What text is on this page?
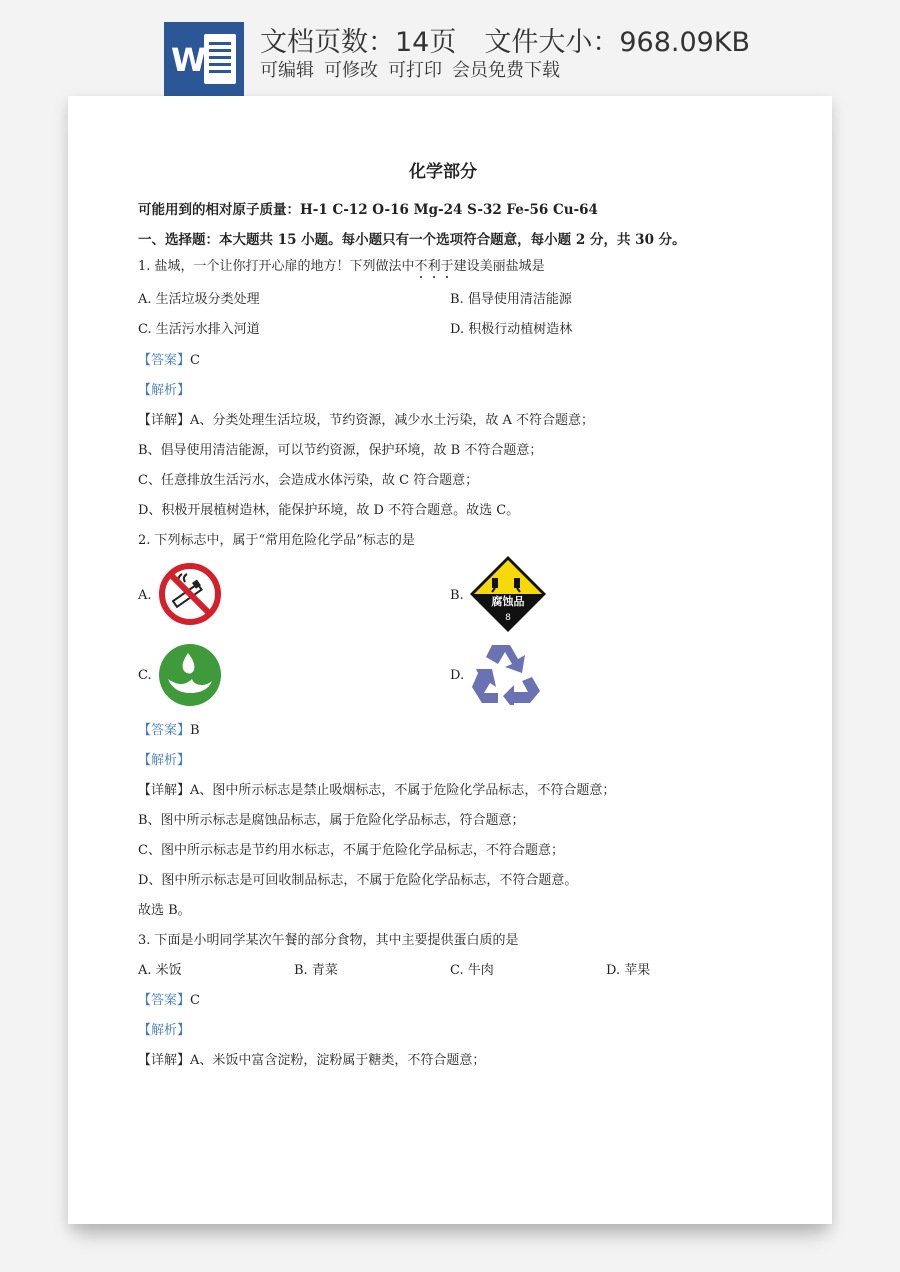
W 文档页数：14页 文件大小：968.09KB
可编辑 可修改 可打印 会员免费下载
化学部分
可能用到的相对原子质量：H-1 C-12 O-16 Mg-24 S-32 Fe-56 Cu-64
一、选择题：本大题共 15 小题。每小题只有一个选项符合题意，每小题 2 分，共 30 分。
1. 盐城，一个让你打开心扉的地方！下列做法中不利于建设美丽盐城是
A. 生活垃圾分类处理	B. 倡导使用清洁能源
C. 生活污水排入河道	D. 积极行动植树造林
【答案】C
【解析】
【详解】A、分类处理生活垃圾，节约资源，减少水土污染，故 A 不符合题意；
B、倡导使用清洁能源，可以节约资源，保护环境，故 B 不符合题意；
C、任意排放生活污水，会造成水体污染，故 C 符合题意；
D、积极开展植树造林，能保护环境，故 D 不符合题意。故选 C。
2. 下列标志中，属于“常用危险化学品”标志的是
A.	B.	腐蚀品
8
C.	D.
【答案】B
【解析】
【详解】A、图中所示标志是禁止吸烟标志，不属于危险化学品标志，不符合题意；
B、图中所示标志是腐蚀品标志，属于危险化学品标志，符合题意；
C、图中所示标志是节约用水标志，不属于危险化学品标志，不符合题意；
D、图中所示标志是可回收制品标志，不属于危险化学品标志，不符合题意。
故选 B。
3. 下面是小明同学某次午餐的部分食物，其中主要提供蛋白质的是
A. 米饭	B. 青菜	C. 牛肉	D. 苹果
【答案】C
【解析】
【详解】A、米饭中富含淀粉，淀粉属于糖类，不符合题意；
